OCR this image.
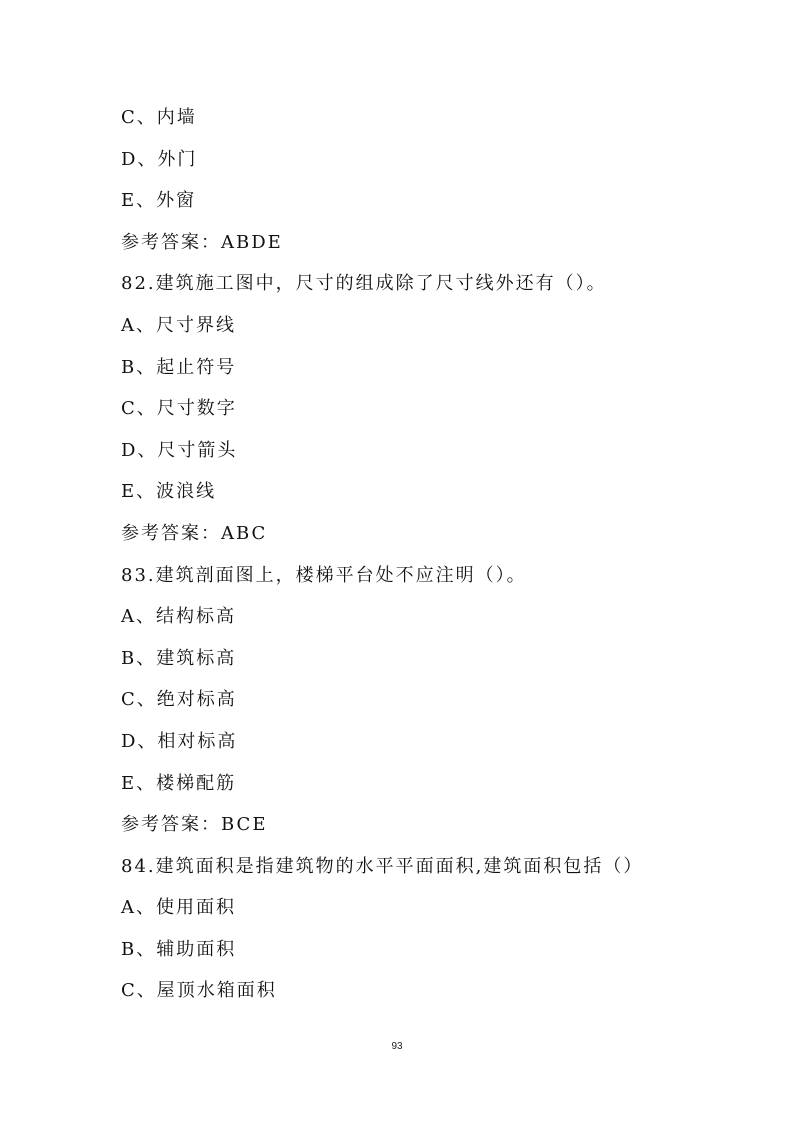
C、内墙
D、外门
E、外窗
参考答案：ABDE
82.建筑施工图中，尺寸的组成除了尺寸线外还有（）。
A、尺寸界线
B、起止符号
C、尺寸数字
D、尺寸箭头
E、波浪线
参考答案：ABC
83.建筑剖面图上，楼梯平台处不应注明（）。
A、结构标高
B、建筑标高
C、绝对标高
D、相对标高
E、楼梯配筋
参考答案：BCE
84.建筑面积是指建筑物的水平平面面积,建筑面积包括（）
A、使用面积
B、辅助面积
C、屋顶水箱面积
93
